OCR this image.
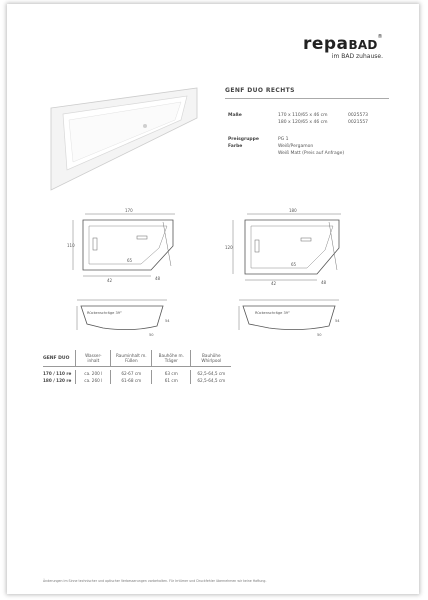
repaBAD®
im BAD zuhause.
GENF DUO RECHTS
Maße	170 x 110/65 x 46 cm	0025573
180 x 120/65 x 46 cm	0021557
Preisgruppe	PG 1
Farbe	Weiß/Pergamon
Weiß Matt (Preis auf Anfrage)
170
110
65
42	48
180
120
65
42	48
Rückenschräge 39°
50
54
Rückenschräge 39°
50
54
GENF DUO	Wasser-inhalt	Rauminhalt m. Füßen	Bauhöhe m. Träger	Bauhöhe Whirlpool

170 / 110 re	ca. 200 l	62-67 cm	63 cm	62,5-64,5 cm
180 / 120 re	ca. 260 l	61-68 cm	61 cm	62,5-64,5 cm
Änderungen im Sinne technischer und optischer Verbesserungen vorbehalten. Für Irrtümer und Druckfehler übernehmen wir keine Haftung.
